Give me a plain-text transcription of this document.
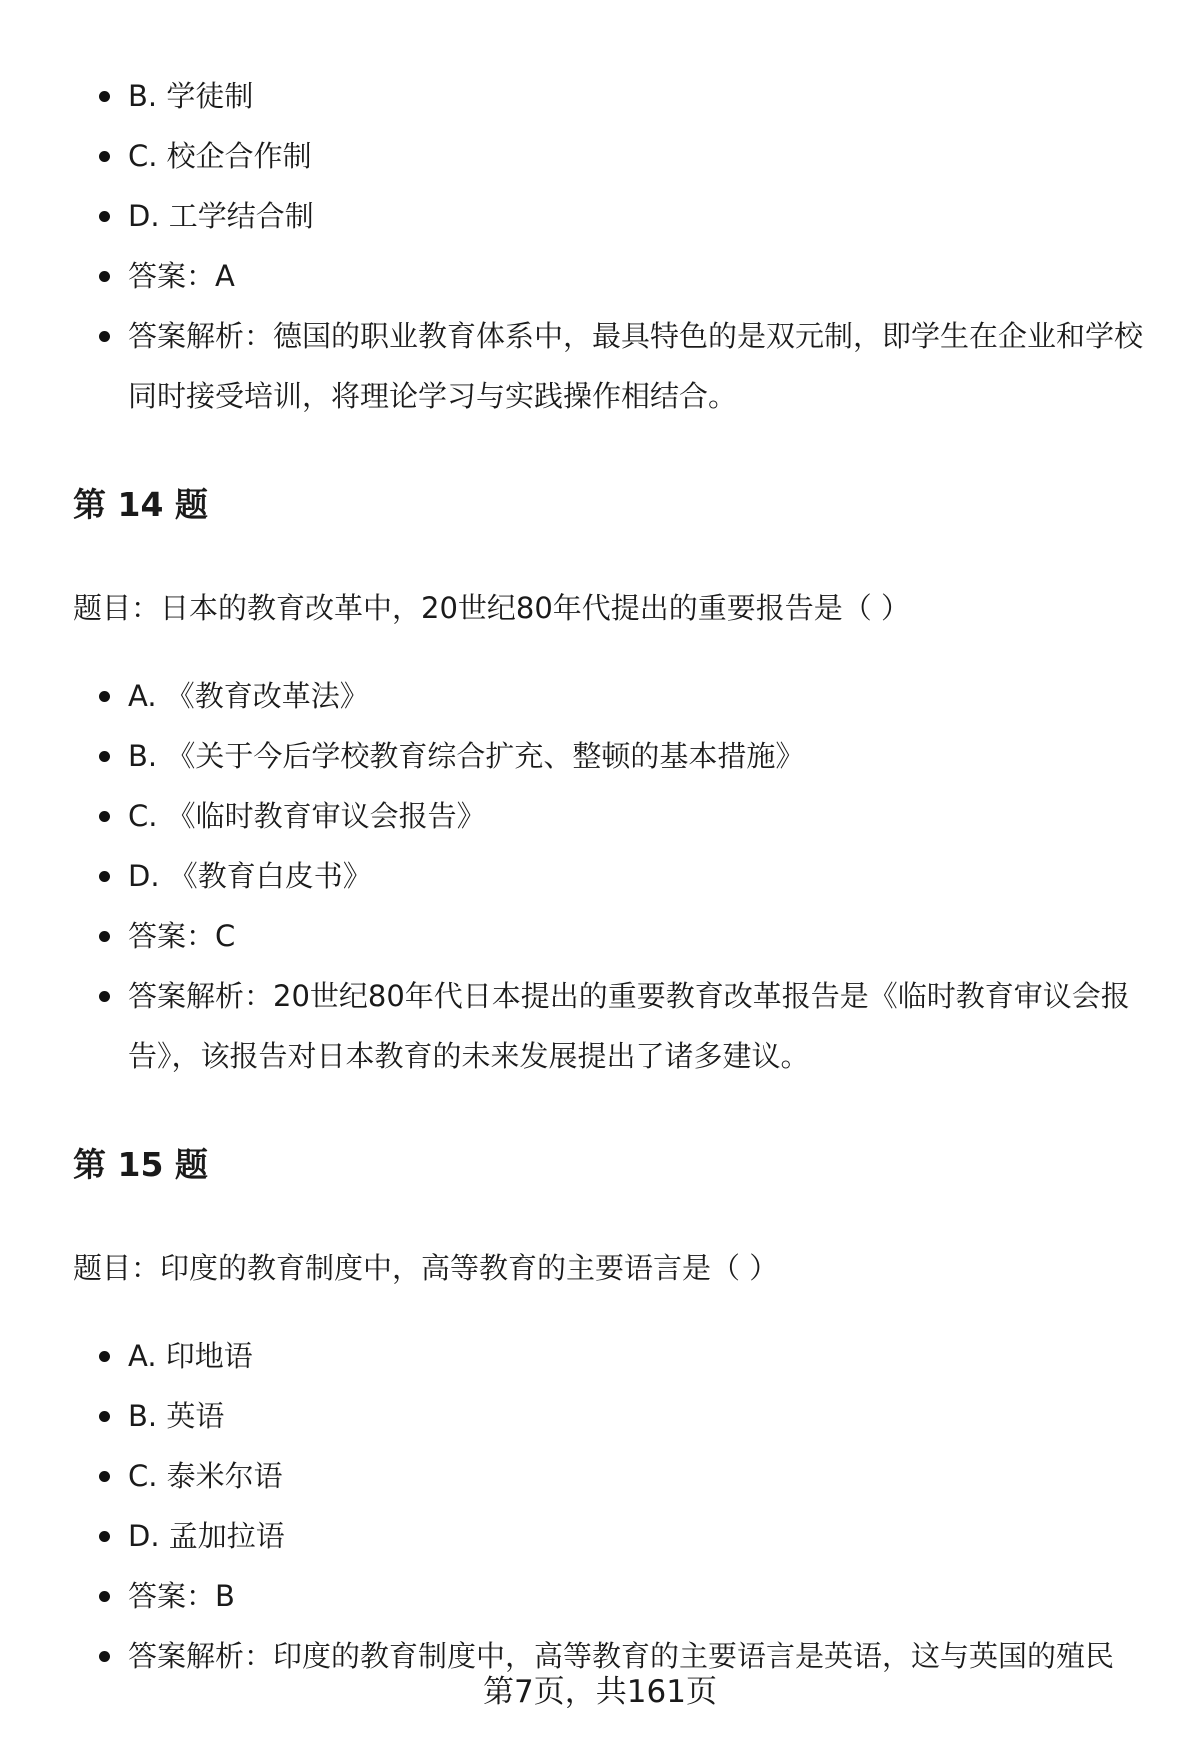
B. 学徒制
C. 校企合作制
D. 工学结合制
答案：A
答案解析：德国的职业教育体系中，最具特色的是双元制，即学生在企业和学校同时接受培训，将理论学习与实践操作相结合。
第 14 题

题目：日本的教育改革中，20世纪80年代提出的重要报告是（ ）

A. 《教育改革法》
B. 《关于今后学校教育综合扩充、整顿的基本措施》
C. 《临时教育审议会报告》
D. 《教育白皮书》
答案：C
答案解析：20世纪80年代日本提出的重要教育改革报告是《临时教育审议会报告》，该报告对日本教育的未来发展提出了诸多建议。
第 15 题

题目：印度的教育制度中，高等教育的主要语言是（ ）

A. 印地语
B. 英语
C. 泰米尔语
D. 孟加拉语
答案：B
答案解析：印度的教育制度中，高等教育的主要语言是英语，这与英国的殖民
第7页，共161页
